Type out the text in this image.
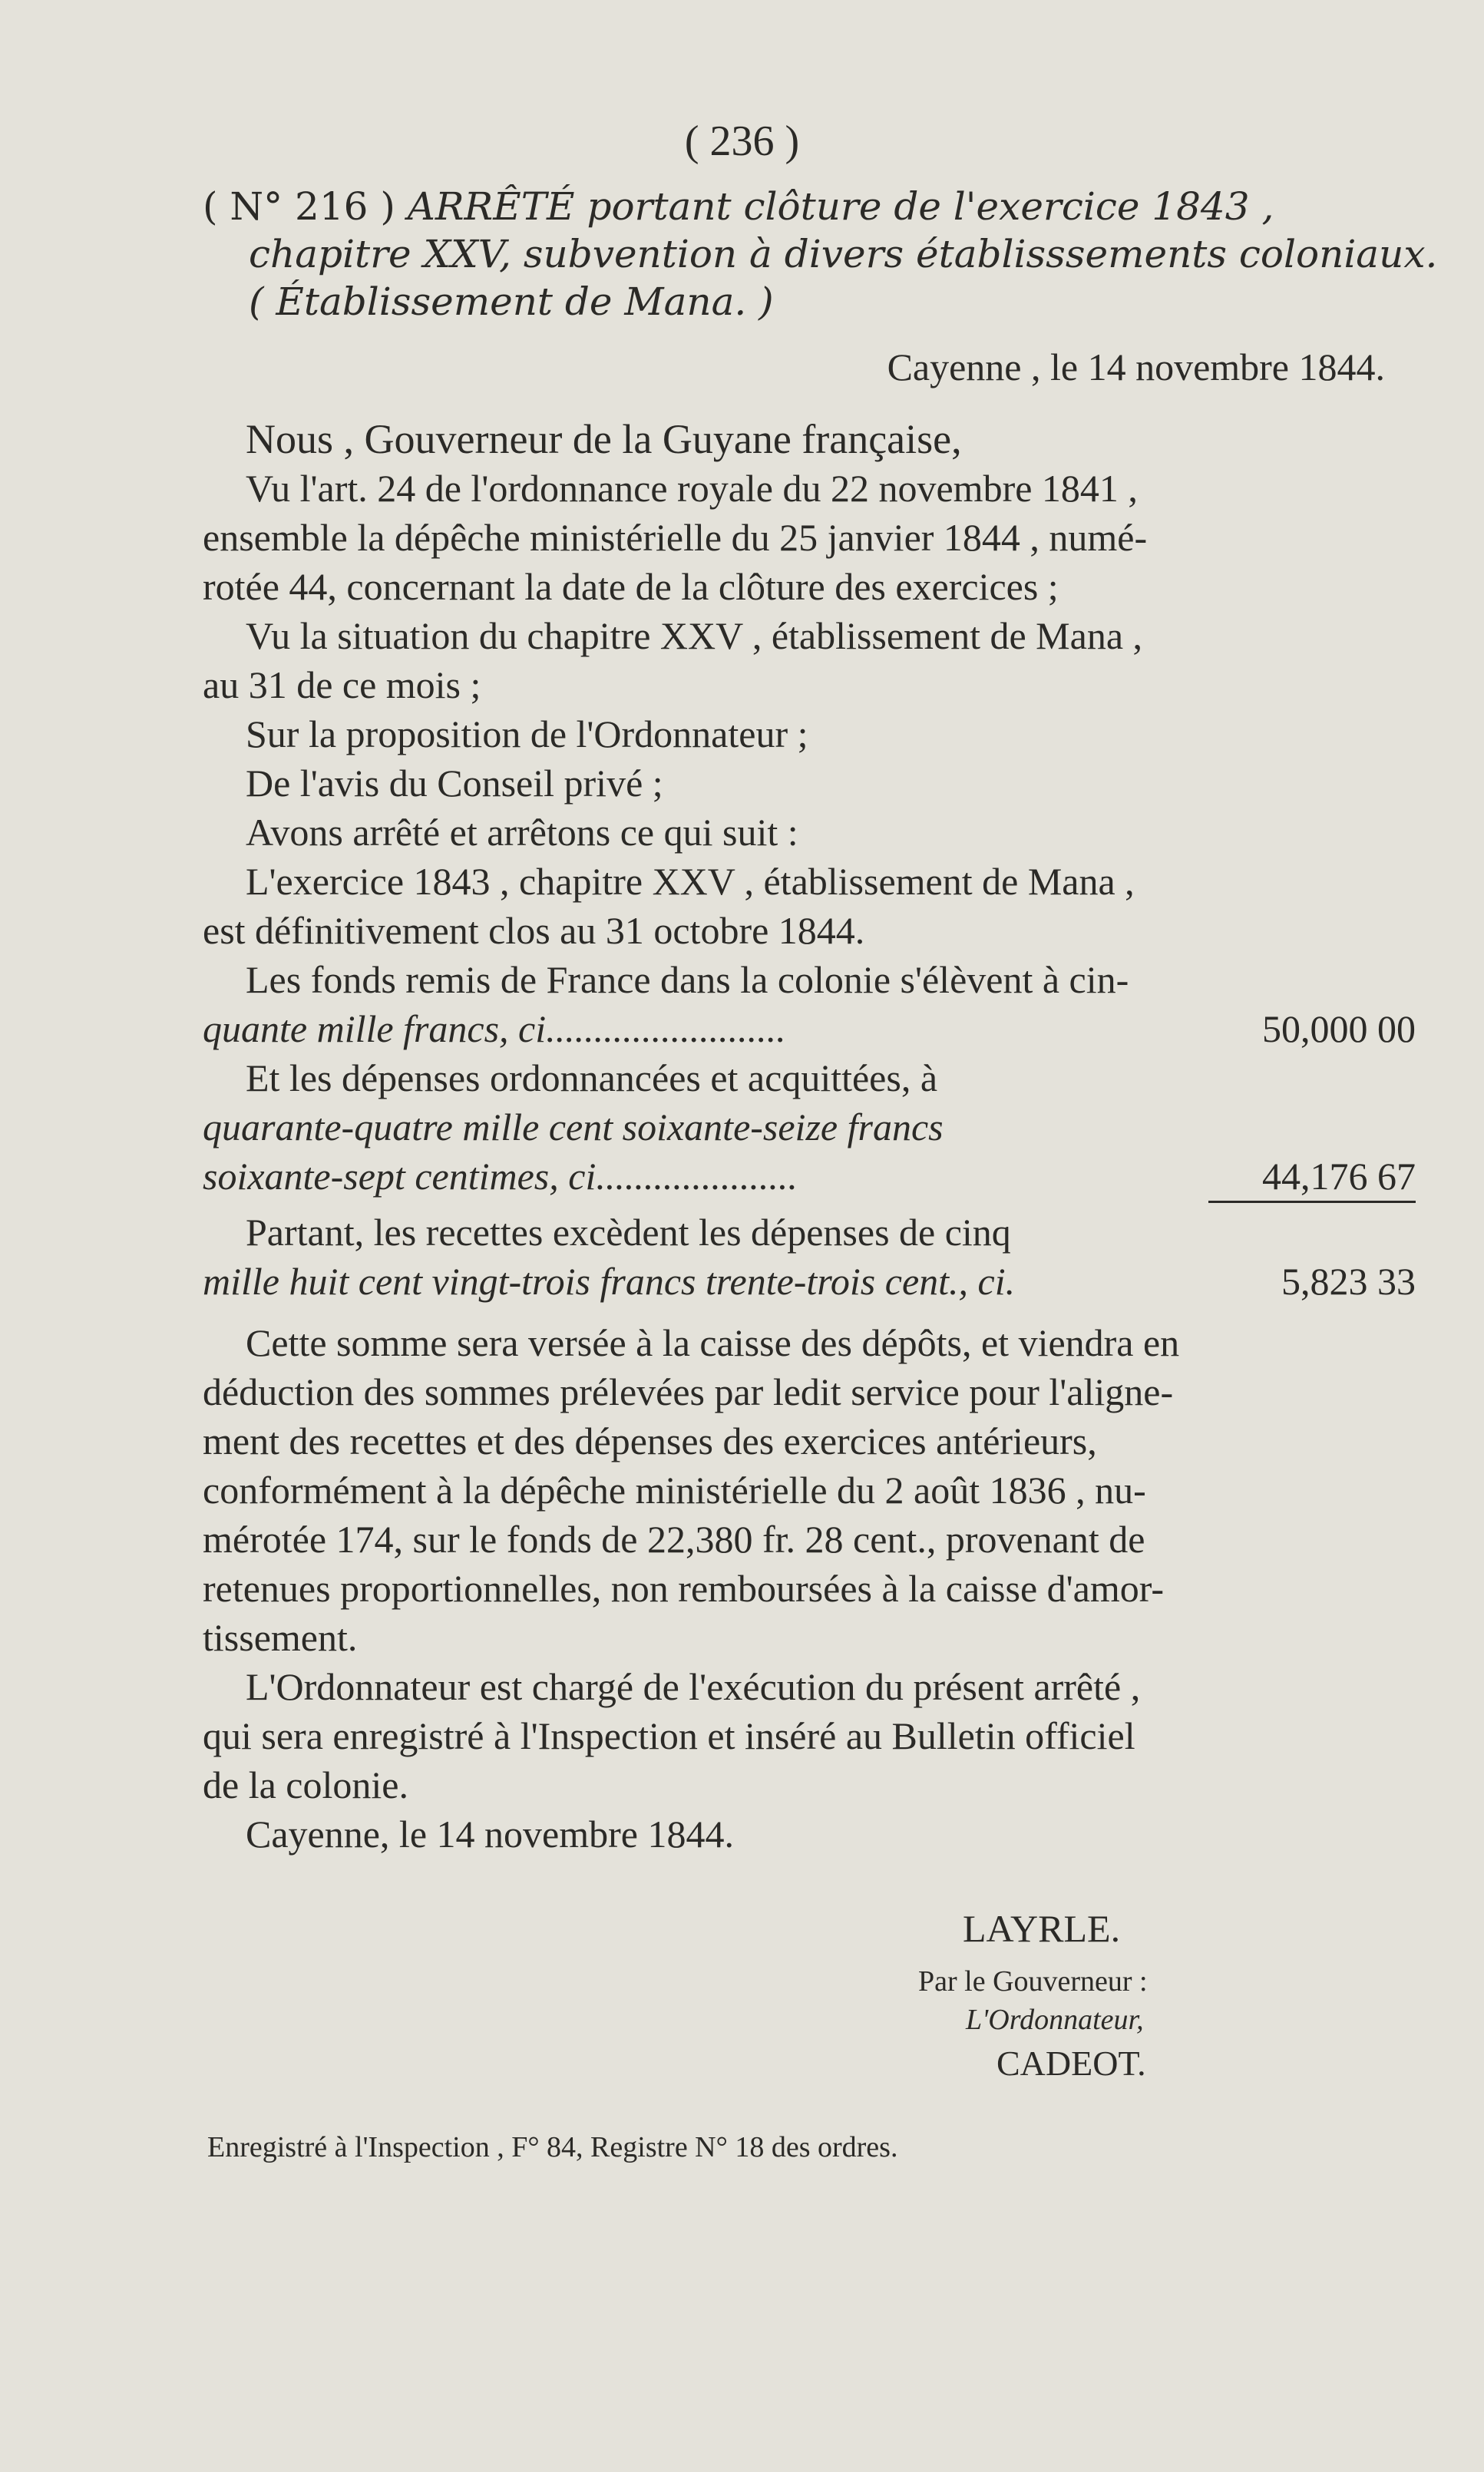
( 236 )
( N° 216 ) ARRÊTÉ portant clôture de l'exercice 1843 ,
chapitre XXV, subvention à divers établisssements coloniaux.
( Établissement de Mana. )
Cayenne , le 14 novembre 1844.
Nous , Gouverneur de la Guyane française,
Vu l'art. 24 de l'ordonnance royale du 22 novembre 1841 ,
ensemble la dépêche ministérielle du 25 janvier 1844 , numé-
rotée 44, concernant la date de la clôture des exercices ;
Vu la situation du chapitre XXV , établissement de Mana ,
au 31 de ce mois ;
Sur la proposition de l'Ordonnateur ;
De l'avis du Conseil privé ;
Avons arrêté et arrêtons ce qui suit :
L'exercice 1843 , chapitre XXV , établissement de Mana ,
est définitivement clos au 31 octobre 1844.
Les fonds remis de France dans la colonie s'élèvent à cin-
quante mille francs, ci.........................	50,000 00
Et les dépenses ordonnancées et acquittées, à
quarante-quatre mille cent soixante-seize francs
soixante-sept centimes, ci.....................	44,176 67
Partant, les recettes excèdent les dépenses de cinq
mille huit cent vingt-trois francs trente-trois cent., ci.	5,823 33
Cette somme sera versée à la caisse des dépôts, et viendra en
déduction des sommes prélevées par ledit service pour l'aligne-
ment des recettes et des dépenses des exercices antérieurs,
conformément à la dépêche ministérielle du 2 août 1836 , nu-
mérotée 174, sur le fonds de 22,380 fr. 28 cent., provenant de
retenues proportionnelles, non remboursées à la caisse d'amor-
tissement.
L'Ordonnateur est chargé de l'exécution du présent arrêté ,
qui sera enregistré à l'Inspection et inséré au Bulletin officiel
de la colonie.
Cayenne, le 14 novembre 1844.
LAYRLE.
Par le Gouverneur :
L'Ordonnateur,
CADEOT.
Enregistré à l'Inspection , F° 84, Registre N° 18 des ordres.
